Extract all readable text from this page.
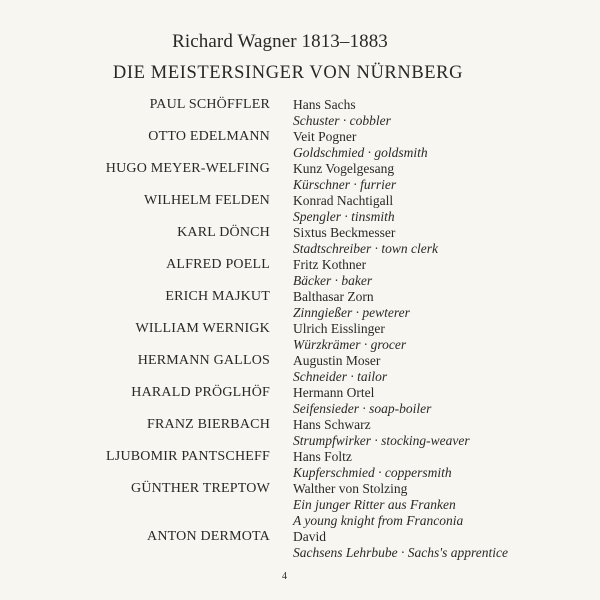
Richard Wagner 1813–1883
DIE MEISTERSINGER VON NÜRNBERG
PAUL SCHÖFFLER Hans Sachs
Schuster · cobbler
OTTO EDELMANN Veit Pogner
Goldschmied · goldsmith
HUGO MEYER-WELFING Kunz Vogelgesang
Kürschner · furrier
WILHELM FELDEN Konrad Nachtigall
Spengler · tinsmith
KARL DÖNCH Sixtus Beckmesser
Stadtschreiber · town clerk
ALFRED POELL Fritz Kothner
Bäcker · baker
ERICH MAJKUT Balthasar Zorn
Zinngießer · pewterer
WILLIAM WERNIGK Ulrich Eisslinger
Würzkrämer · grocer
HERMANN GALLOS Augustin Moser
Schneider · tailor
HARALD PRÖGLHÖF Hermann Ortel
Seifensieder · soap-boiler
FRANZ BIERBACH Hans Schwarz
Strumpfwirker · stocking-weaver
LJUBOMIR PANTSCHEFF Hans Foltz
Kupferschmied · coppersmith
GÜNTHER TREPTOW Walther von Stolzing
Ein junger Ritter aus Franken
A young knight from Franconia
ANTON DERMOTA David
Sachsens Lehrbube · Sachs's apprentice
4
